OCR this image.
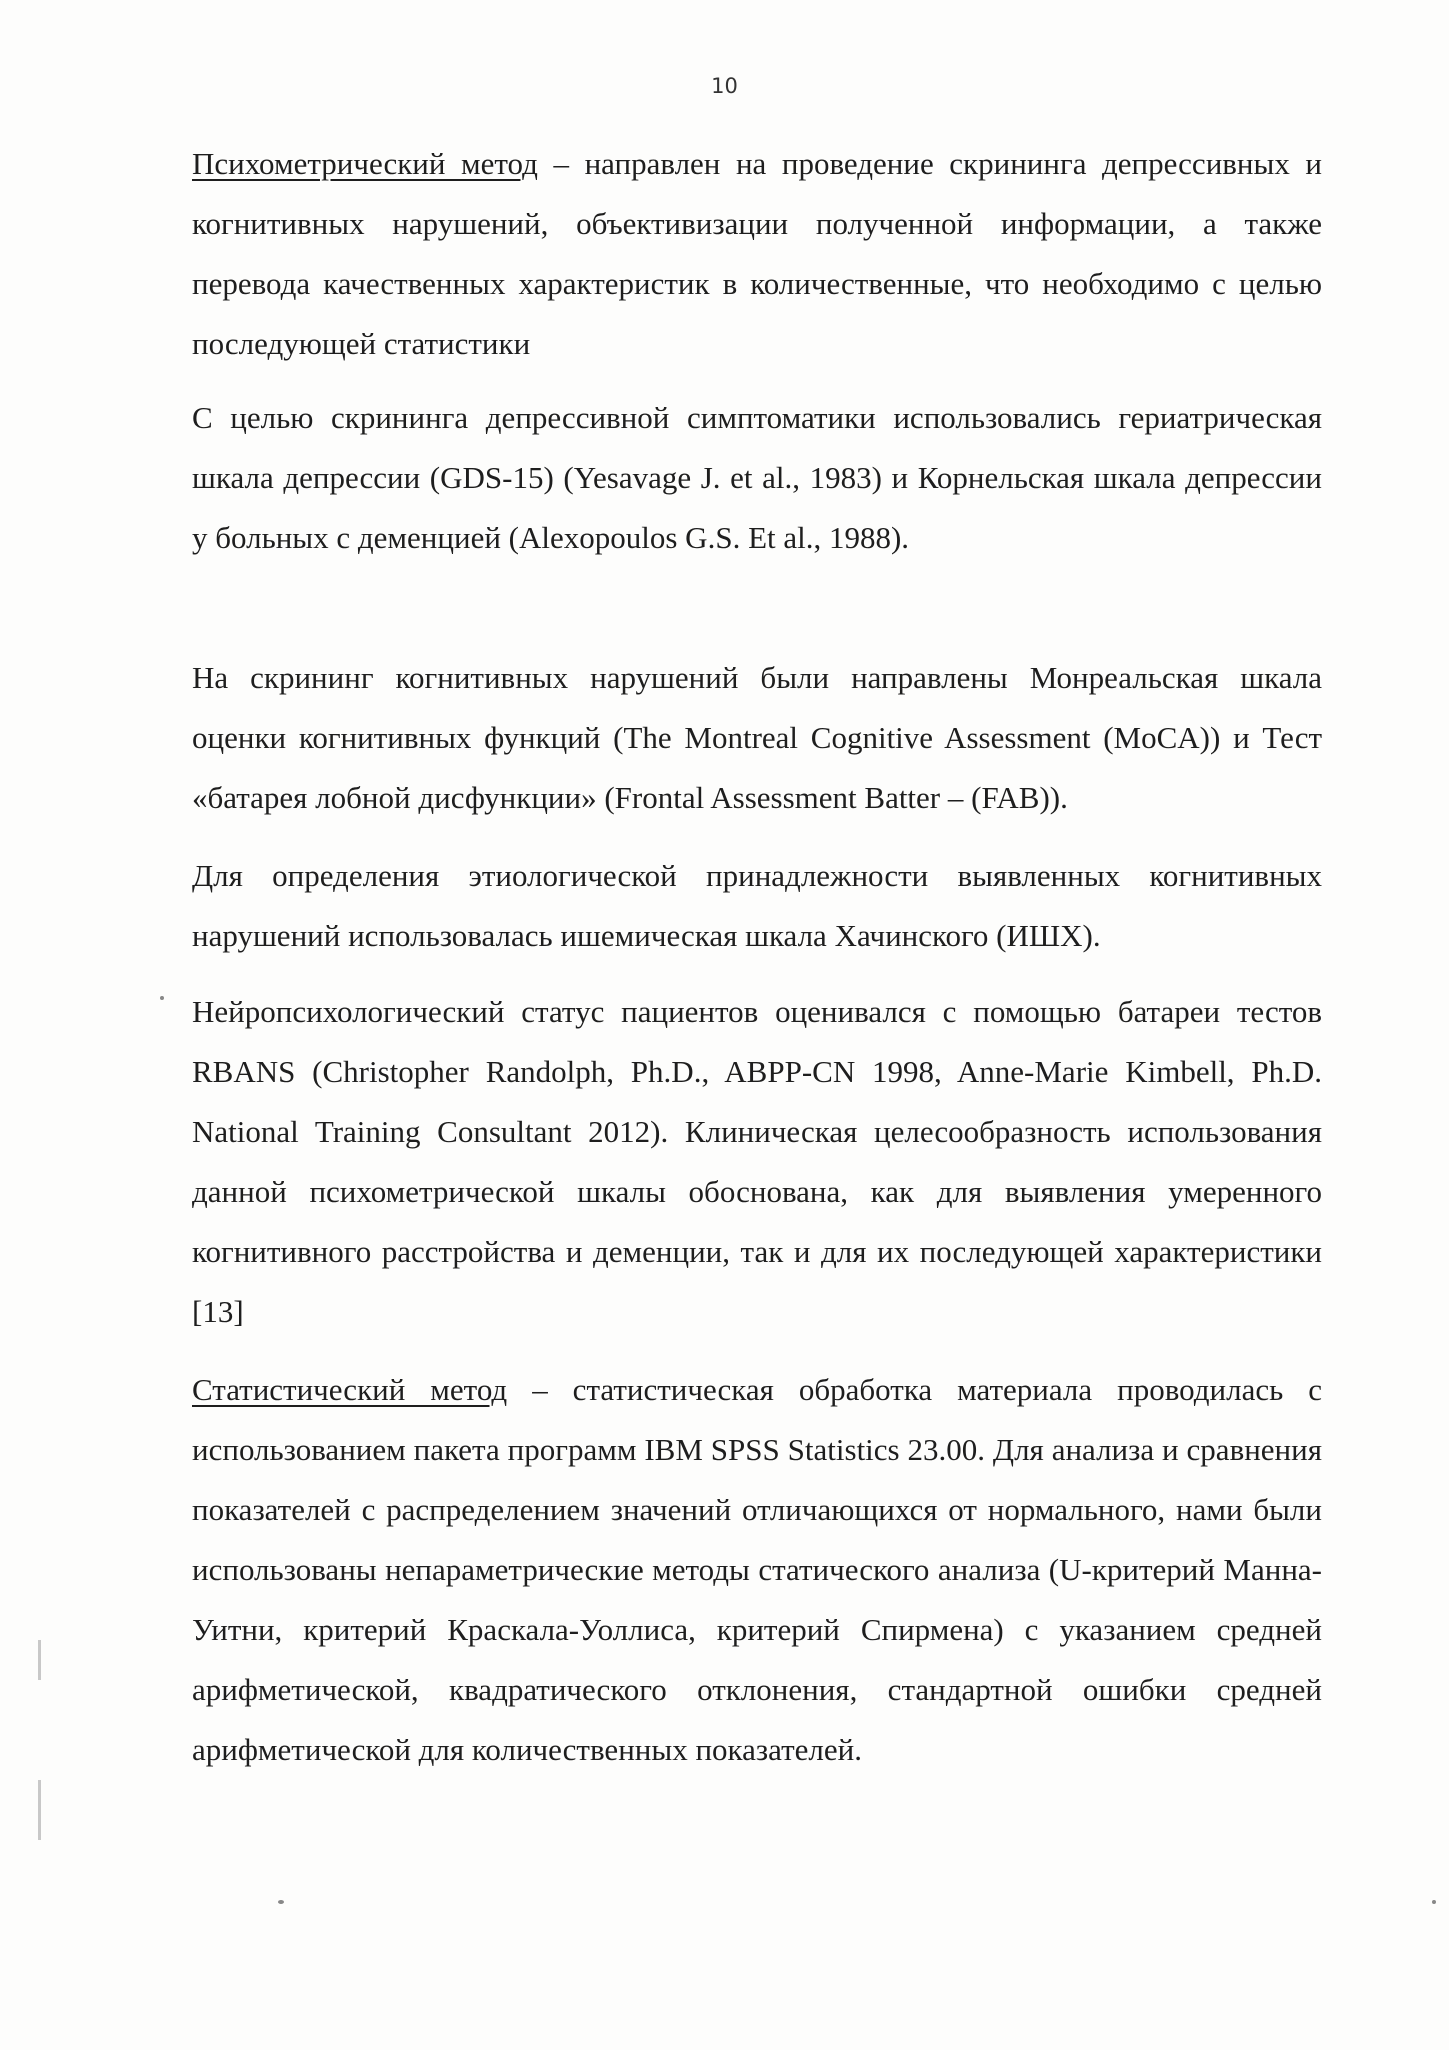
10

Психометрический метод – направлен на проведение скрининга депрессивных и когнитивных нарушений, объективизации полученной информации, а также перевода качественных характеристик в количественные, что необходимо с целью последующей статистики

С целью скрининга депрессивной симптоматики использовались гериатрическая шкала депрессии (GDS-15) (Yesavage J. et al., 1983) и Корнельская шкала депрессии у больных с деменцией (Alexopoulos G.S. Et al., 1988).

На скрининг когнитивных нарушений были направлены Монреальская шкала оценки когнитивных функций (The Montreal Cognitive Assessment (MoCA)) и Тест «батарея лобной дисфункции» (Frontal Assessment Batter – (FAB)).

Для определения этиологической принадлежности выявленных когнитивных нарушений использовалась ишемическая шкала Хачинского (ИШХ).

Нейропсихологический статус пациентов оценивался с помощью батареи тестов RBANS (Christopher Randolph, Ph.D., ABPP-CN 1998, Anne-Marie Kimbell, Ph.D. National Training Consultant 2012). Клиническая целесообразность использования данной психометрической шкалы обоснована, как для выявления умеренного когнитивного расстройства и деменции, так и для их последующей характеристики [13]

Статистический метод – статистическая обработка материала проводилась с использованием пакета программ IBM SPSS Statistics 23.00. Для анализа и сравнения показателей с распределением значений отличающихся от нормального, нами были использованы непараметрические методы статического анализа (U-критерий Манна-Уитни, критерий Краскала-Уоллиса, критерий Спирмена) с указанием средней арифметической, квадратического отклонения, стандартной ошибки средней арифметической для количественных показателей.
